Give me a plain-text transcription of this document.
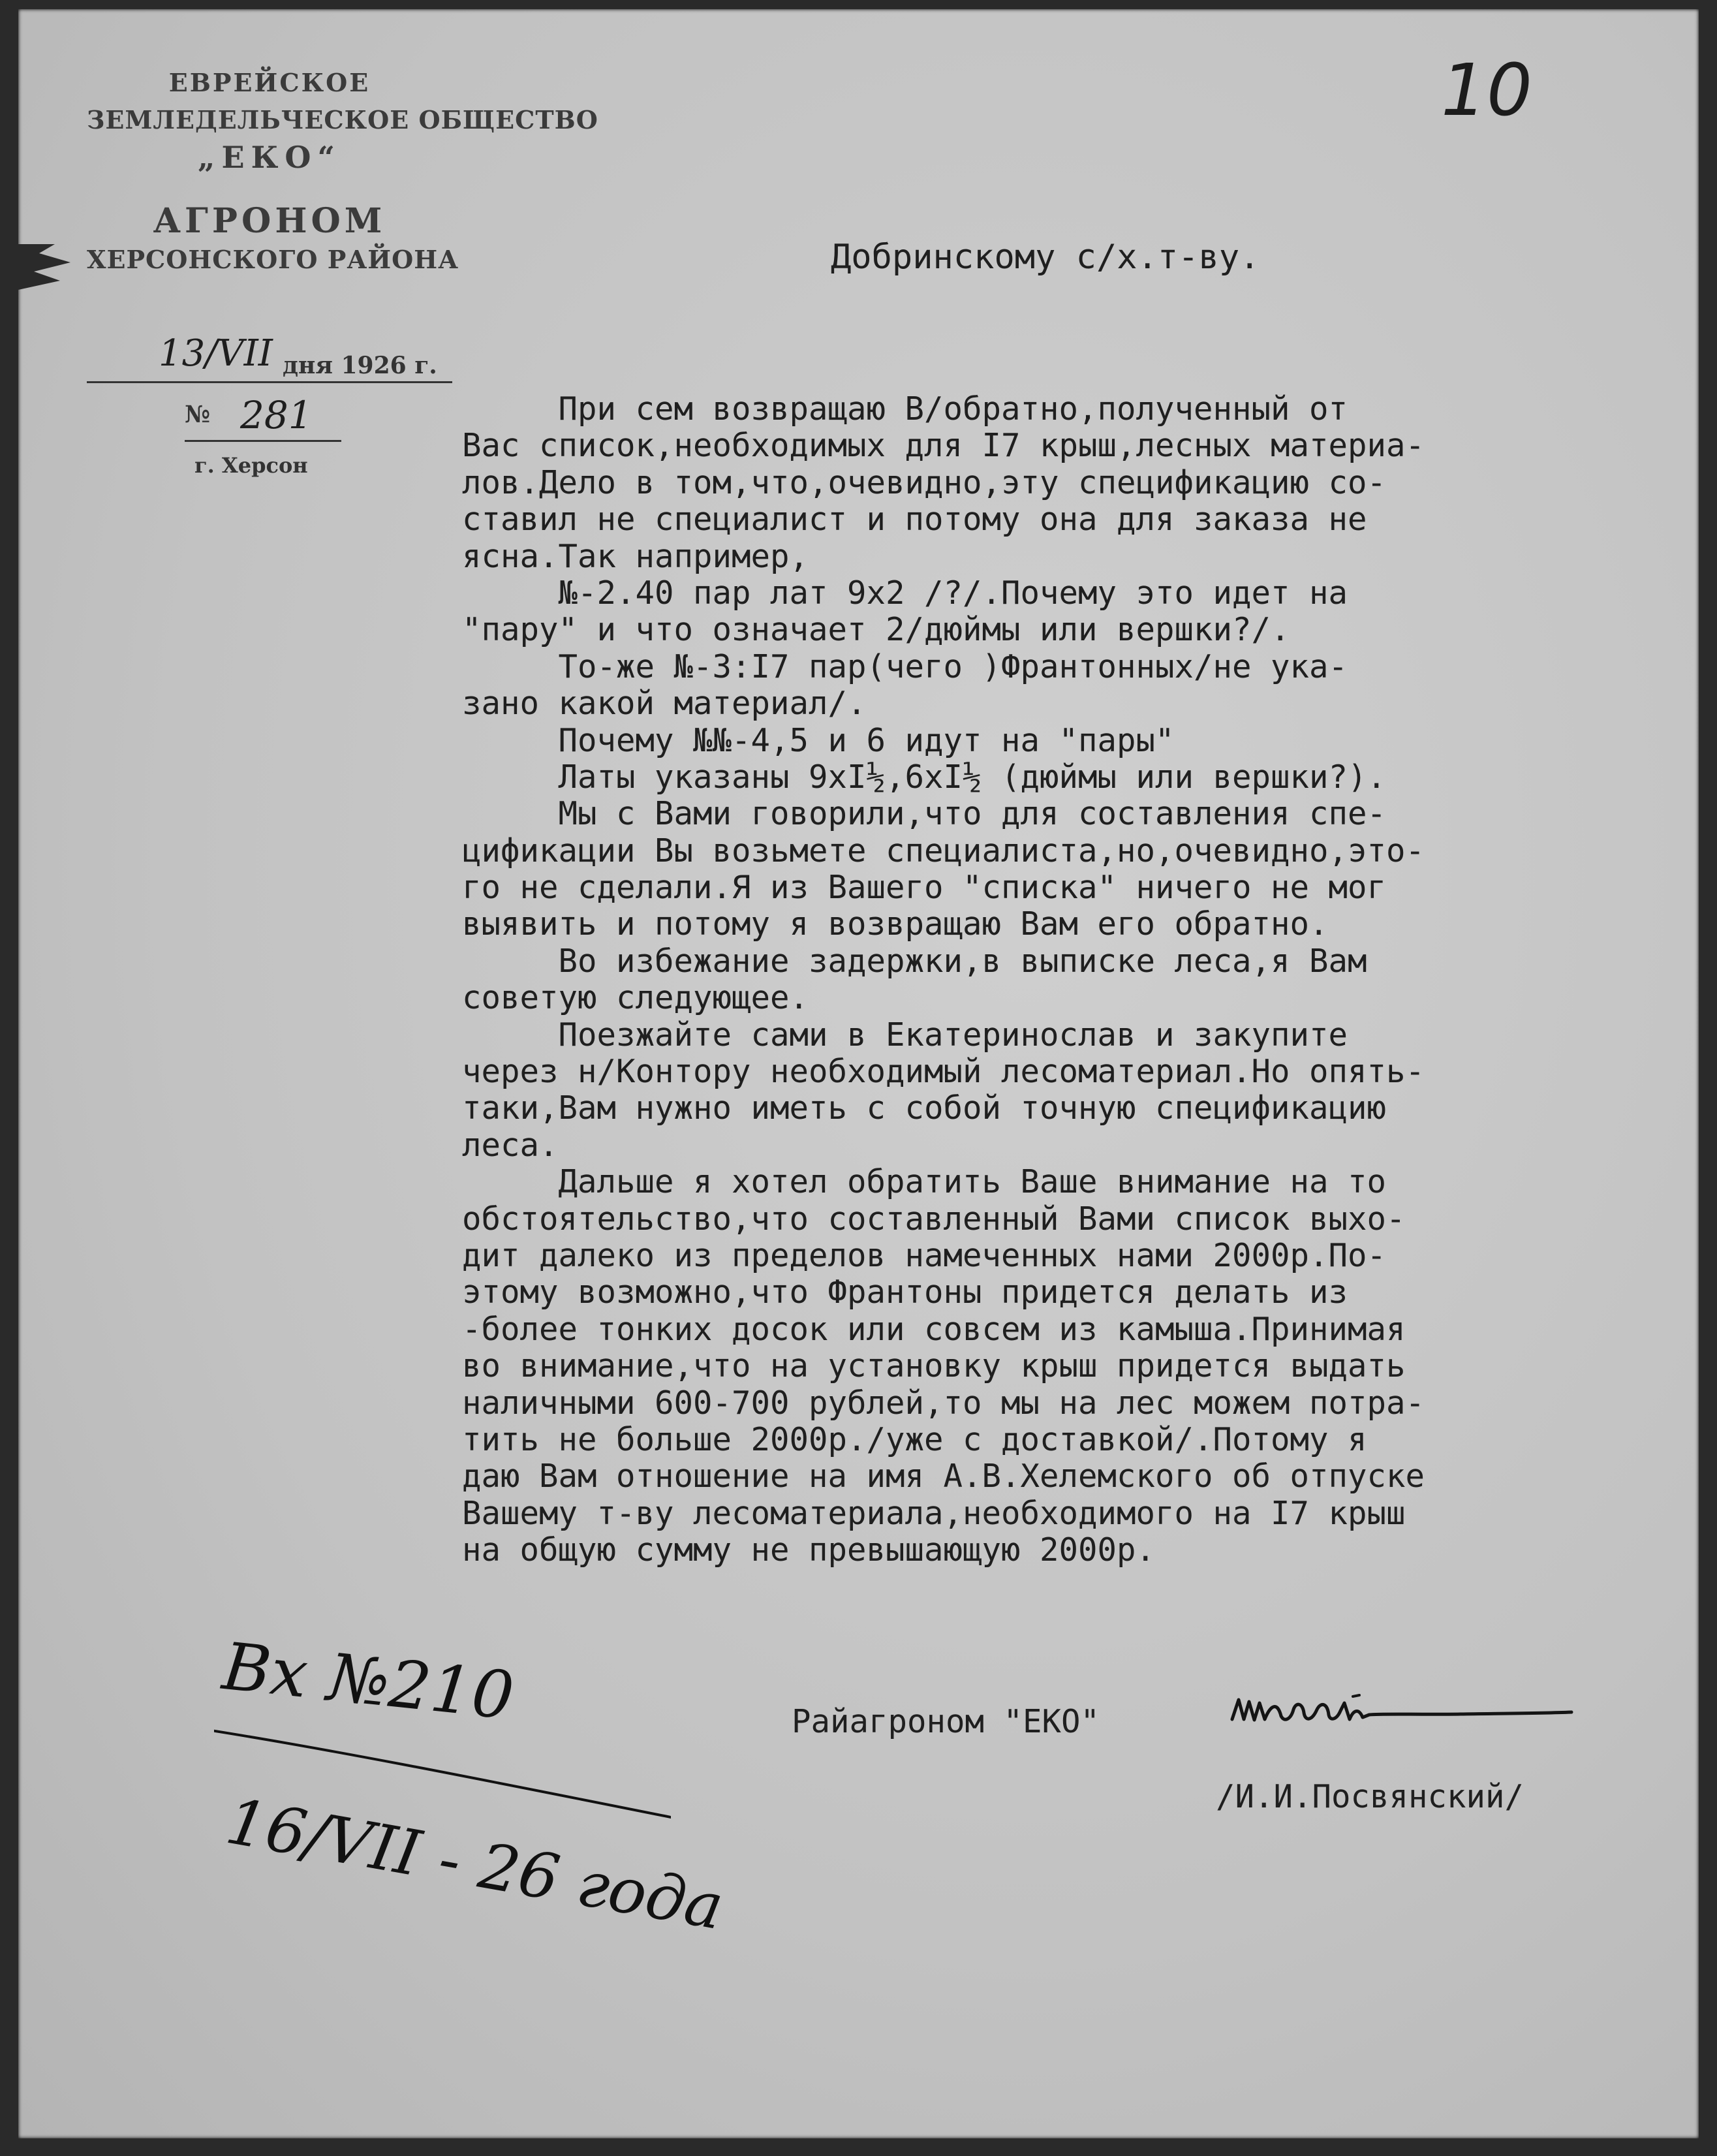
ЕВРЕЙСКОЕ
ЗЕМЛЕДЕЛЬЧЕСКОЕ ОБЩЕСТВО
„ЕКО“
АГРОНОМ
ХЕРСОНСКОГО РАЙОНА
13/VII дня 1926 г.
№ 281
г. Херсон
10
Добринскому с/х.т-ву.
При сем возвращаю В/обратно,полученный от
Вас список,необходимых для I7 крыш,лесных материа-
лов.Дело в том,что,очевидно,эту спецификацию со-
ставил не специалист и потому она для заказа не
ясна.Так например,
№-2.40 пар лат 9х2 /?/.Почему это идет на
"пару" и что означает 2/дюймы или вершки?/.
То-же №-3:I7 пар(чего )Франтонных/не ука-
зано какой материал/.
Почему №№-4,5 и 6 идут на "пары"
Латы указаны 9хI½,6хI½ (дюймы или вершки?).
Мы с Вами говорили,что для составления спе-
цификации Вы возьмете специалиста,но,очевидно,это-
го не сделали.Я из Вашего "списка" ничего не мог
выявить и потому я возвращаю Вам его обратно.
Во избежание задержки,в выписке леса,я Вам
советую следующее.
Поезжайте сами в Екатеринослав и закупите
через н/Контору необходимый лесоматериал.Но опять-
таки,Вам нужно иметь с собой точную спецификацию
леса.
Дальше я хотел обратить Ваше внимание на то
обстоятельство,что составленный Вами список выхо-
дит далеко из пределов намеченных нами 2000р.По-
этому возможно,что Франтоны придется делать из
-более тонких досок или совсем из камыша.Принимая
во внимание,что на установку крыш придется выдать
наличными 600-700 рублей,то мы на лес можем потра-
тить не больше 2000р./уже с доставкой/.Потому я
даю Вам отношение на имя А.В.Хелемского об отпуске
Вашему т-ву лесоматериала,необходимого на I7 крыш
на общую сумму не превышающую 2000р.
Райагроном "ЕКО"
/И.И.Посвянский/
Вх №210
16/VII - 26 года
